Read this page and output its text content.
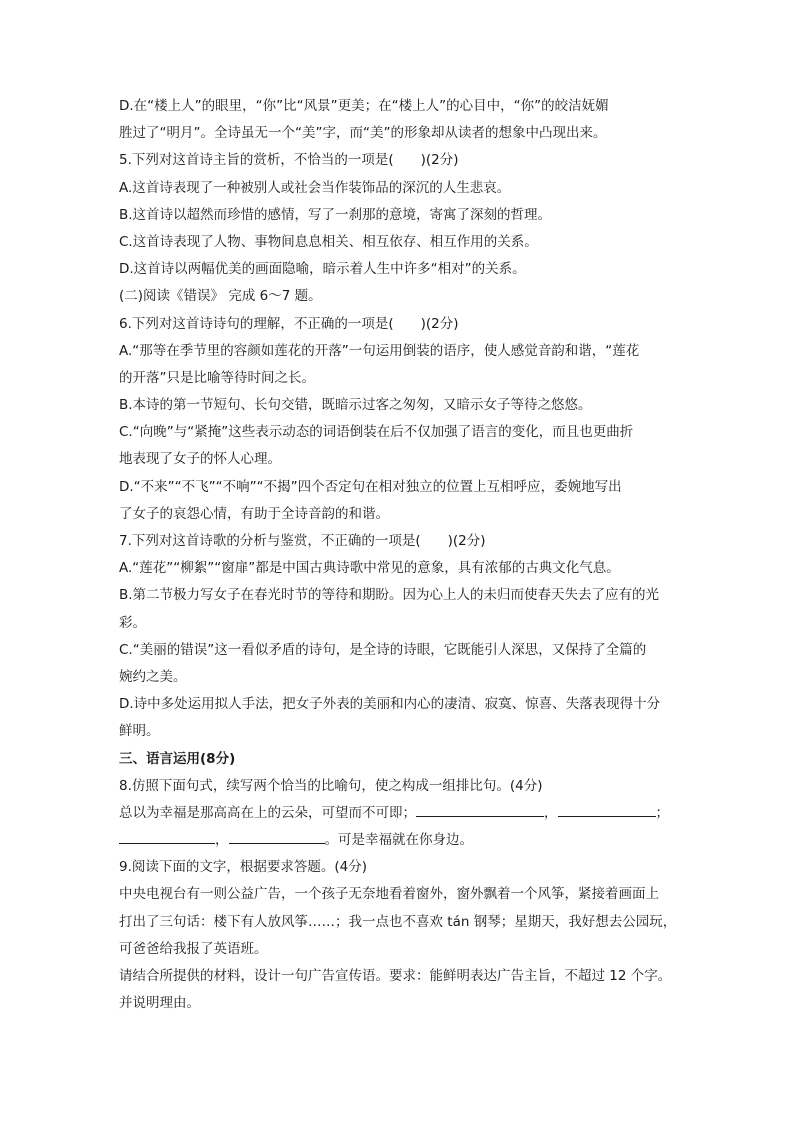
D.在“楼上人”的眼里，“你”比“风景”更美；在“楼上人”的心目中，“你”的皎洁妩媚
胜过了“明月”。全诗虽无一个“美”字，而“美”的形象却从读者的想象中凸现出来。
5.下列对这首诗主旨的赏析，不恰当的一项是(　　)(2分)
A.这首诗表现了一种被别人或社会当作装饰品的深沉的人生悲哀。
B.这首诗以超然而珍惜的感情，写了一刹那的意境，寄寓了深刻的哲理。
C.这首诗表现了人物、事物间息息相关、相互依存、相互作用的关系。
D.这首诗以两幅优美的画面隐喻，暗示着人生中许多“相对”的关系。
(二)阅读《错误》 完成 6～7 题。
6.下列对这首诗诗句的理解，不正确的一项是(　　)(2分)
A.“那等在季节里的容颜如莲花的开落”一句运用倒装的语序，使人感觉音韵和谐，“莲花
的开落”只是比喻等待时间之长。
B.本诗的第一节短句、长句交错，既暗示过客之匆匆，又暗示女子等待之悠悠。
C.“向晚”与“紧掩”这些表示动态的词语倒装在后不仅加强了语言的变化，而且也更曲折
地表现了女子的怀人心理。
D.“不来”“不飞”“不响”“不揭”四个否定句在相对独立的位置上互相呼应，委婉地写出
了女子的哀怨心情，有助于全诗音韵的和谐。
7.下列对这首诗歌的分析与鉴赏，不正确的一项是(　　)(2分)
A.“莲花”“柳絮”“窗扉”都是中国古典诗歌中常见的意象，具有浓郁的古典文化气息。
B.第二节极力写女子在春光时节的等待和期盼。因为心上人的未归而使春天失去了应有的光
彩。
C.“美丽的错误”这一看似矛盾的诗句，是全诗的诗眼，它既能引人深思，又保持了全篇的
婉约之美。
D.诗中多处运用拟人手法，把女子外表的美丽和内心的凄清、寂寞、惊喜、失落表现得十分
鲜明。
三、语言运用(8分)
8.仿照下面句式，续写两个恰当的比喻句，使之构成一组排比句。(4分)
总以为幸福是那高高在上的云朵，可望而不可即；	，	；
，	。可是幸福就在你身边。
9.阅读下面的文字，根据要求答题。(4分)
中央电视台有一则公益广告，一个孩子无奈地看着窗外，窗外飘着一个风筝，紧接着画面上
打出了三句话：楼下有人放风筝……；我一点也不喜欢 tán 钢琴；星期天，我好想去公园玩，
可爸爸给我报了英语班。
请结合所提供的材料，设计一句广告宣传语。要求：能鲜明表达广告主旨，不超过 12 个字。
并说明理由。
